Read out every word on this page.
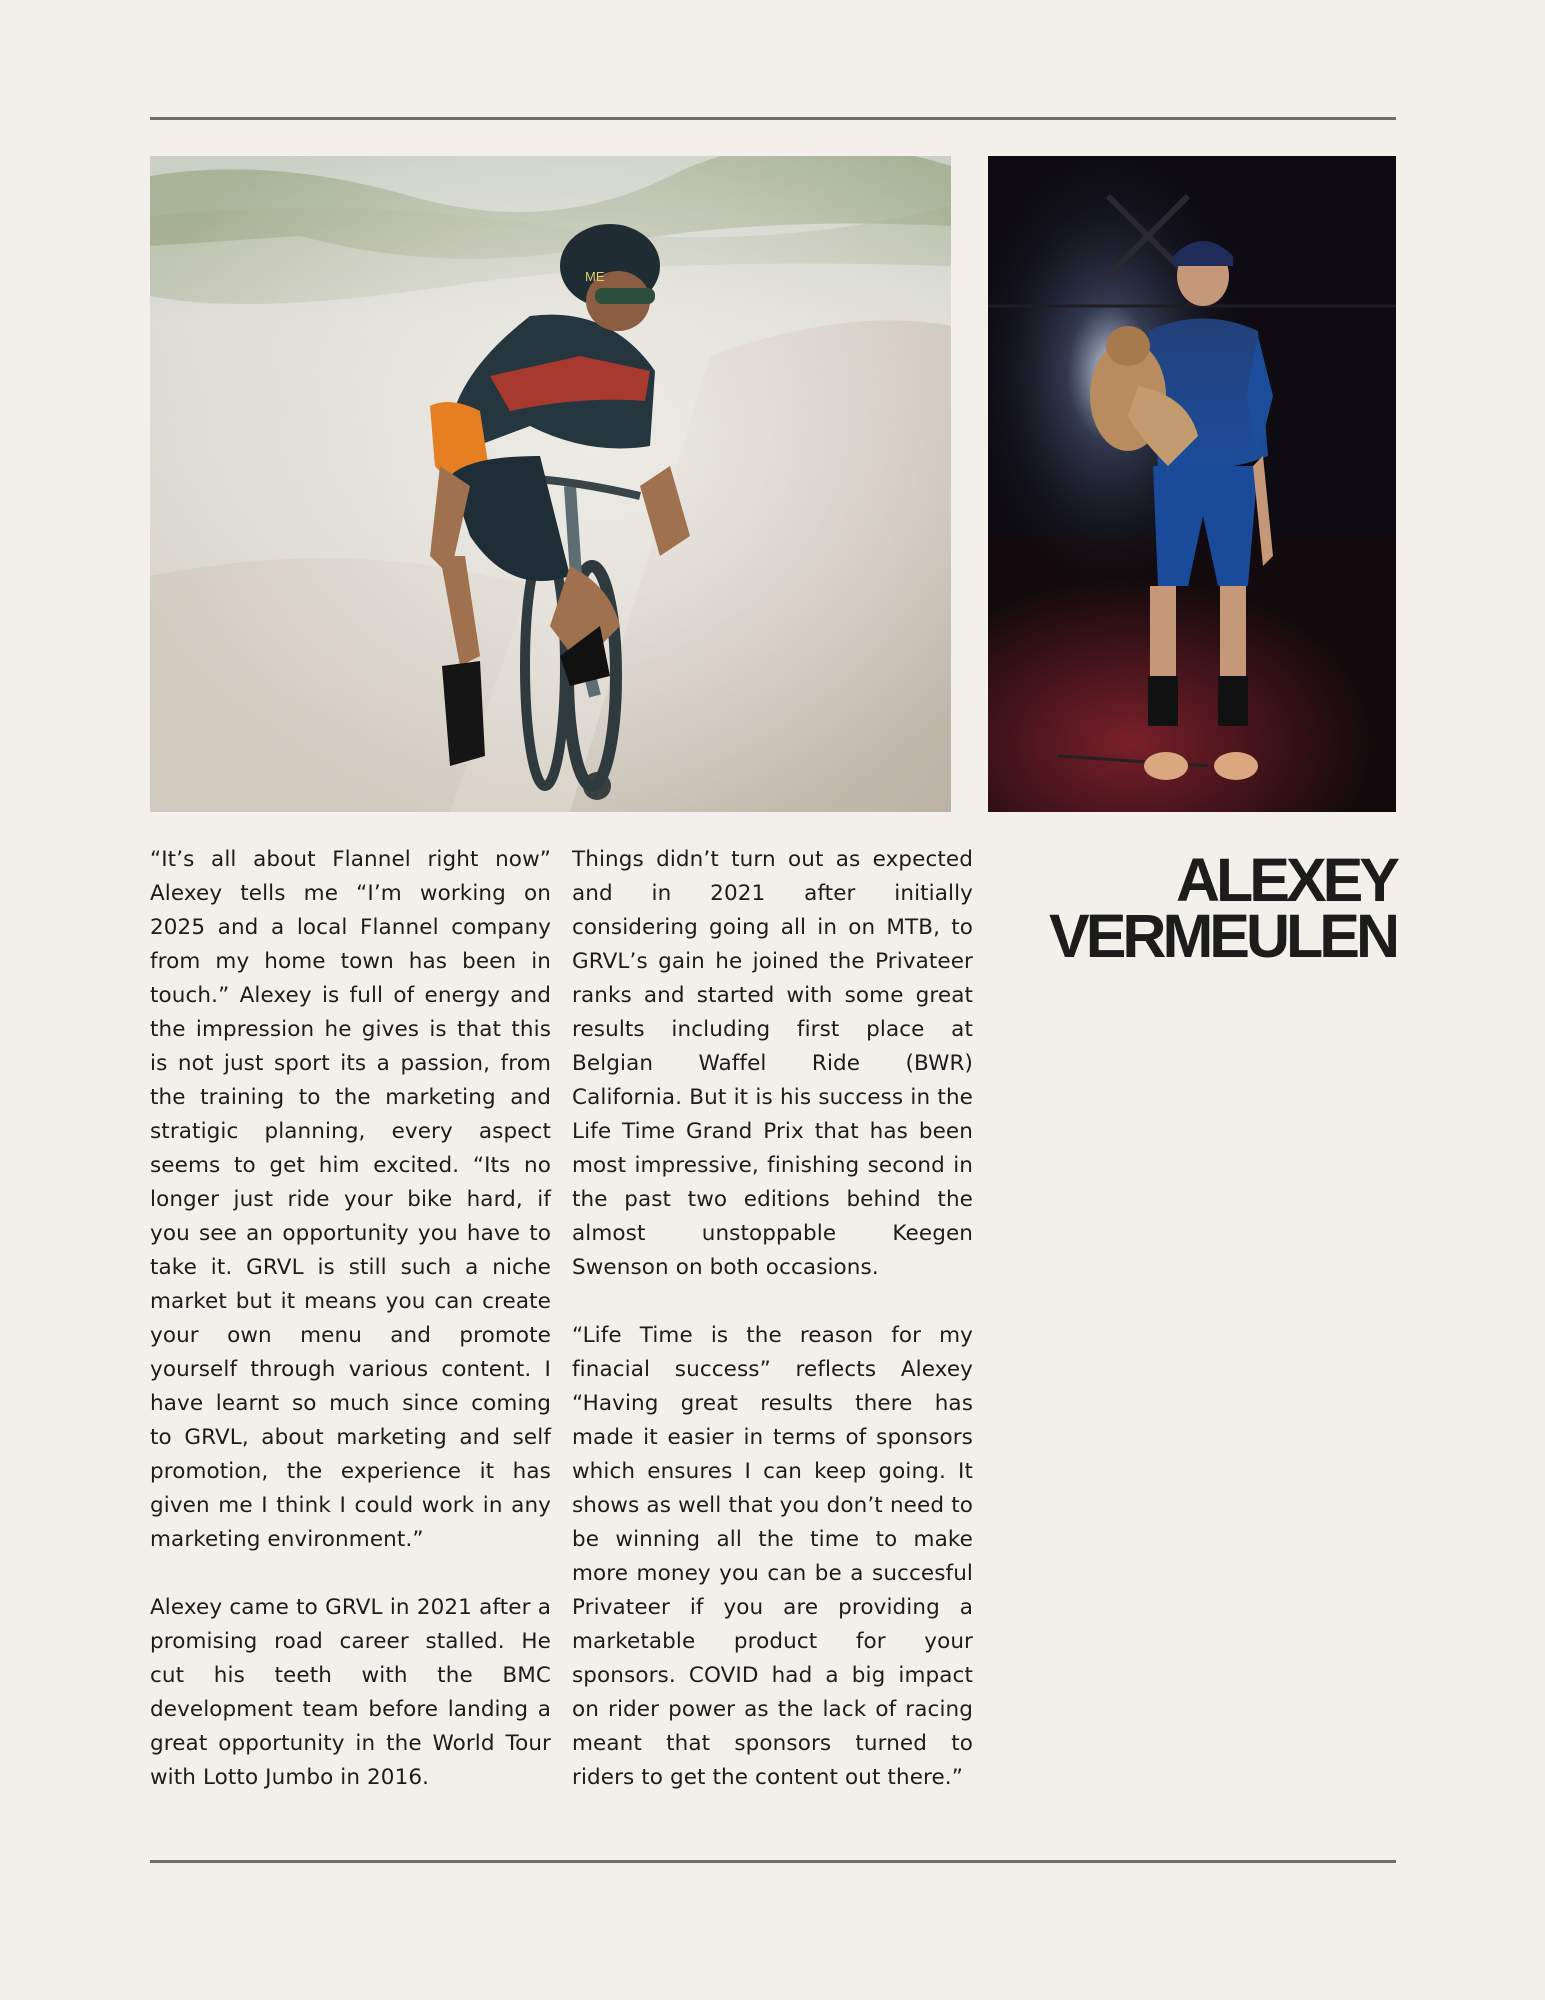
ME

“It’s all about Flannel right now” Alexey tells me “I’m working on 2025 and a local Flannel company from my home town has been in touch.” Alexey is full of energy and the impression he gives is that this is not just sport its a passion, from the training to the marketing and stratigic planning, every aspect seems to get him excited. “Its no longer just ride your bike hard, if you see an opportunity you have to take it. GRVL is still such a niche market but it means you can create your own menu and promote yourself through various content. I have learnt so much since coming to GRVL, about marketing and self promotion, the experience it has given me I think I could work in any marketing environment.”

Alexey came to GRVL in 2021 after a promising road career stalled. He cut his teeth with the BMC development team before landing a great opportunity in the World Tour with Lotto Jumbo in 2016.

Things didn’t turn out as expected and in 2021 after initially considering going all in on MTB, to GRVL’s gain he joined the Privateer ranks and started with some great results including first place at Belgian Waffel Ride (BWR) California. But it is his success in the Life Time Grand Prix that has been most impressive, finishing second in the past two editions behind the almost unstoppable Keegen Swenson on both occasions.

“Life Time is the reason for my finacial success” reflects Alexey “Having great results there has made it easier in terms of sponsors which ensures I can keep going. It shows as well that you don’t need to be winning all the time to make more money you can be a succesful Privateer if you are providing a marketable product for your sponsors. COVID had a big impact on rider power as the lack of racing meant that sponsors turned to riders to get the content out there.”

ALEXEY
VERMEULEN
